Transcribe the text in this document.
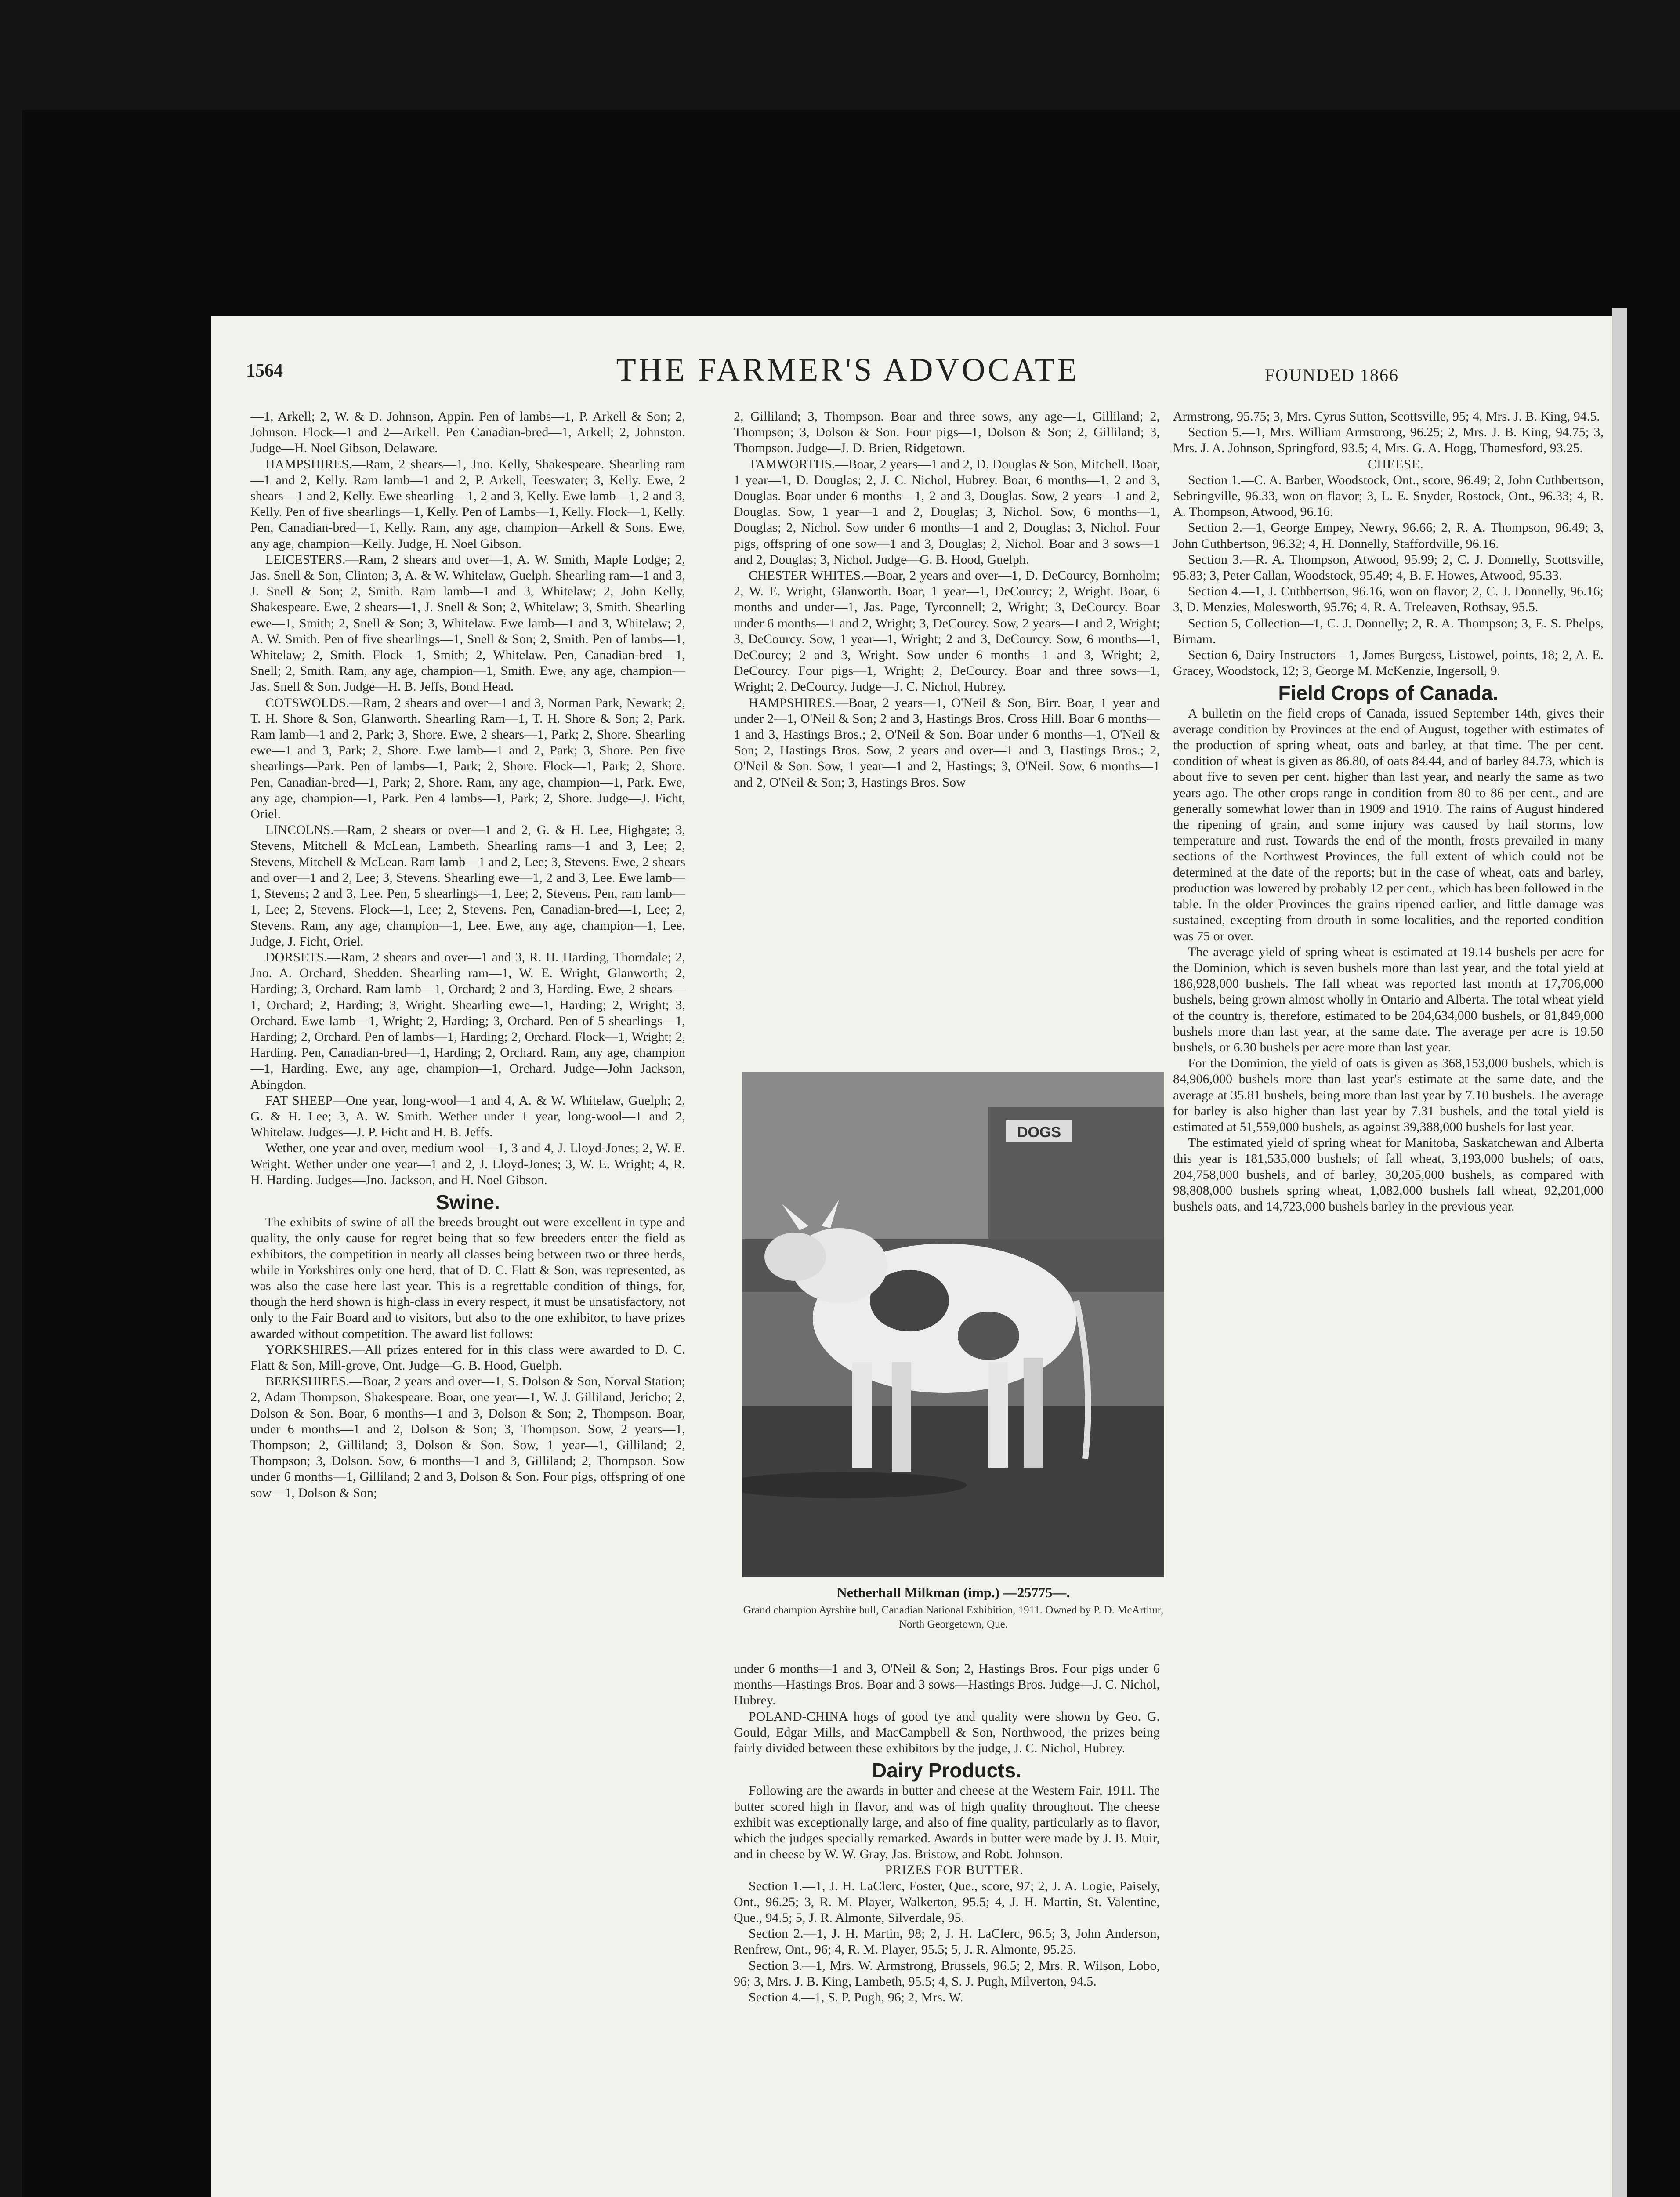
1564	THE FARMER'S ADVOCATE	FOUNDED 1866

—1, Arkell; 2, W. & D. Johnson, Appin. Pen of lambs—1, P. Arkell & Son; 2, Johnson. Flock—1 and 2—Arkell. Pen Canadian-bred—1, Arkell; 2, Johnston. Judge—H. Noel Gibson, Delaware.

HAMPSHIRES.—Ram, 2 shears—1, Jno. Kelly, Shakespeare. Shearling ram—1 and 2, Kelly. Ram lamb—1 and 2, P. Arkell, Teeswater; 3, Kelly. Ewe, 2 shears—1 and 2, Kelly. Ewe shearling—1, 2 and 3, Kelly. Ewe lamb—1, 2 and 3, Kelly. Pen of five shearlings—1, Kelly. Pen of Lambs—1, Kelly. Flock—1, Kelly. Pen, Canadian-bred—1, Kelly. Ram, any age, champion—Arkell & Sons. Ewe, any age, champion—Kelly. Judge, H. Noel Gibson.

LEICESTERS.—Ram, 2 shears and over—1, A. W. Smith, Maple Lodge; 2, Jas. Snell & Son, Clinton; 3, A. & W. Whitelaw, Guelph. Shearling ram—1 and 3, J. Snell & Son; 2, Smith. Ram lamb—1 and 3, Whitelaw; 2, John Kelly, Shakespeare. Ewe, 2 shears—1, J. Snell & Son; 2, Whitelaw; 3, Smith. Shearling ewe—1, Smith; 2, Snell & Son; 3, Whitelaw. Ewe lamb—1 and 3, Whitelaw; 2, A. W. Smith. Pen of five shearlings—1, Snell & Son; 2, Smith. Pen of lambs—1, Whitelaw; 2, Smith. Flock—1, Smith; 2, Whitelaw. Pen, Canadian-bred—1, Snell; 2, Smith. Ram, any age, champion—1, Smith. Ewe, any age, champion—Jas. Snell & Son. Judge—H. B. Jeffs, Bond Head.

COTSWOLDS.—Ram, 2 shears and over—1 and 3, Norman Park, Newark; 2, T. H. Shore & Son, Glanworth. Shearling Ram—1, T. H. Shore & Son; 2, Park. Ram lamb—1 and 2, Park; 3, Shore. Ewe, 2 shears—1, Park; 2, Shore. Shearling ewe—1 and 3, Park; 2, Shore. Ewe lamb—1 and 2, Park; 3, Shore. Pen five shearlings—Park. Pen of lambs—1, Park; 2, Shore. Flock—1, Park; 2, Shore. Pen, Canadian-bred—1, Park; 2, Shore. Ram, any age, champion—1, Park. Ewe, any age, champion—1, Park. Pen 4 lambs—1, Park; 2, Shore. Judge—J. Ficht, Oriel.

LINCOLNS.—Ram, 2 shears or over—1 and 2, G. & H. Lee, Highgate; 3, Stevens, Mitchell & McLean, Lambeth. Shearling rams—1 and 3, Lee; 2, Stevens, Mitchell & McLean. Ram lamb—1 and 2, Lee; 3, Stevens. Ewe, 2 shears and over—1 and 2, Lee; 3, Stevens. Shearling ewe—1, 2 and 3, Lee. Ewe lamb—1, Stevens; 2 and 3, Lee. Pen, 5 shearlings—1, Lee; 2, Stevens. Pen, ram lamb—1, Lee; 2, Stevens. Flock—1, Lee; 2, Stevens. Pen, Canadian-bred—1, Lee; 2, Stevens. Ram, any age, champion—1, Lee. Ewe, any age, champion—1, Lee. Judge, J. Ficht, Oriel.

DORSETS.—Ram, 2 shears and over—1 and 3, R. H. Harding, Thorndale; 2, Jno. A. Orchard, Shedden. Shearling ram—1, W. E. Wright, Glanworth; 2, Harding; 3, Orchard. Ram lamb—1, Orchard; 2 and 3, Harding. Ewe, 2 shears—1, Orchard; 2, Harding; 3, Wright. Shearling ewe—1, Harding; 2, Wright; 3, Orchard. Ewe lamb—1, Wright; 2, Harding; 3, Orchard. Pen of 5 shearlings—1, Harding; 2, Orchard. Pen of lambs—1, Harding; 2, Orchard. Flock—1, Wright; 2, Harding. Pen, Canadian-bred—1, Harding; 2, Orchard. Ram, any age, champion—1, Harding. Ewe, any age, champion—1, Orchard. Judge—John Jackson, Abingdon.

FAT SHEEP—One year, long-wool—1 and 4, A. & W. Whitelaw, Guelph; 2, G. & H. Lee; 3, A. W. Smith. Wether under 1 year, long-wool—1 and 2, Whitelaw. Judges—J. P. Ficht and H. B. Jeffs.

Wether, one year and over, medium wool—1, 3 and 4, J. Lloyd-Jones; 2, W. E. Wright. Wether under one year—1 and 2, J. Lloyd-Jones; 3, W. E. Wright; 4, R. H. Harding. Judges—Jno. Jackson, and H. Noel Gibson.

Swine.

The exhibits of swine of all the breeds brought out were excellent in type and quality, the only cause for regret being that so few breeders enter the field as exhibitors, the competition in nearly all classes being between two or three herds, while in Yorkshires only one herd, that of D. C. Flatt & Son, was represented, as was also the case here last year. This is a regrettable condition of things, for, though the herd shown is high-class in every respect, it must be unsatisfactory, not only to the Fair Board and to visitors, but also to the one exhibitor, to have prizes awarded without competition. The award list follows:

YORKSHIRES.—All prizes entered for in this class were awarded to D. C. Flatt & Son, Mill-grove, Ont. Judge—G. B. Hood, Guelph.

BERKSHIRES.—Boar, 2 years and over—1, S. Dolson & Son, Norval Station; 2, Adam Thompson, Shakespeare. Boar, one year—1, W. J. Gilliland, Jericho; 2, Dolson & Son. Boar, 6 months—1 and 3, Dolson & Son; 2, Thompson. Boar, under 6 months—1 and 2, Dolson & Son; 3, Thompson. Sow, 2 years—1, Thompson; 2, Gilliland; 3, Dolson & Son. Sow, 1 year—1, Gilliland; 2, Thompson; 3, Dolson. Sow, 6 months—1 and 3, Gilliland; 2, Thompson. Sow under 6 months—1, Gilliland; 2 and 3, Dolson & Son. Four pigs, offspring of one sow—1, Dolson & Son;

2, Gilliland; 3, Thompson. Boar and three sows, any age—1, Gilliland; 2, Thompson; 3, Dolson & Son. Four pigs—1, Dolson & Son; 2, Gilliland; 3, Thompson. Judge—J. D. Brien, Ridgetown.

TAMWORTHS.—Boar, 2 years—1 and 2, D. Douglas & Son, Mitchell. Boar, 1 year—1, D. Douglas; 2, J. C. Nichol, Hubrey. Boar, 6 months—1, 2 and 3, Douglas. Boar under 6 months—1, 2 and 3, Douglas. Sow, 2 years—1 and 2, Douglas. Sow, 1 year—1 and 2, Douglas; 3, Nichol. Sow, 6 months—1, Douglas; 2, Nichol. Sow under 6 months—1 and 2, Douglas; 3, Nichol. Four pigs, offspring of one sow—1 and 3, Douglas; 2, Nichol. Boar and 3 sows—1 and 2, Douglas; 3, Nichol. Judge—G. B. Hood, Guelph.

CHESTER WHITES.—Boar, 2 years and over—1, D. DeCourcy, Bornholm; 2, W. E. Wright, Glanworth. Boar, 1 year—1, DeCourcy; 2, Wright. Boar, 6 months and under—1, Jas. Page, Tyrconnell; 2, Wright; 3, DeCourcy. Boar under 6 months—1 and 2, Wright; 3, DeCourcy. Sow, 2 years—1 and 2, Wright; 3, DeCourcy. Sow, 1 year—1, Wright; 2 and 3, DeCourcy. Sow, 6 months—1, DeCourcy; 2 and 3, Wright. Sow under 6 months—1 and 3, Wright; 2, DeCourcy. Four pigs—1, Wright; 2, DeCourcy. Boar and three sows—1, Wright; 2, DeCourcy. Judge—J. C. Nichol, Hubrey.

HAMPSHIRES.—Boar, 2 years—1, O'Neil & Son, Birr. Boar, 1 year and under 2—1, O'Neil & Son; 2 and 3, Hastings Bros. Cross Hill. Boar 6 months—1 and 3, Hastings Bros.; 2, O'Neil & Son. Boar under 6 months—1, O'Neil & Son; 2, Hastings Bros. Sow, 2 years and over—1 and 3, Hastings Bros.; 2, O'Neil & Son. Sow, 1 year—1 and 2, Hastings; 3, O'Neil. Sow, 6 months—1 and 2, O'Neil & Son; 3, Hastings Bros. Sow

DOGS
Netherhall Milkman (imp.) —25775—.
Grand champion Ayrshire bull, Canadian National Exhibition, 1911. Owned by P. D. McArthur, North Georgetown, Que.

under 6 months—1 and 3, O'Neil & Son; 2, Hastings Bros. Four pigs under 6 months—Hastings Bros. Boar and 3 sows—Hastings Bros. Judge—J. C. Nichol, Hubrey.

POLAND-CHINA hogs of good tye and quality were shown by Geo. G. Gould, Edgar Mills, and MacCampbell & Son, Northwood, the prizes being fairly divided between these exhibitors by the judge, J. C. Nichol, Hubrey.

Dairy Products.

Following are the awards in butter and cheese at the Western Fair, 1911. The butter scored high in flavor, and was of high quality throughout. The cheese exhibit was exceptionally large, and also of fine quality, particularly as to flavor, which the judges specially remarked. Awards in butter were made by J. B. Muir, and in cheese by W. W. Gray, Jas. Bristow, and Robt. Johnson.

PRIZES FOR BUTTER.

Section 1.—1, J. H. LaClerc, Foster, Que., score, 97; 2, J. A. Logie, Paisely, Ont., 96.25; 3, R. M. Player, Walkerton, 95.5; 4, J. H. Martin, St. Valentine, Que., 94.5; 5, J. R. Almonte, Silverdale, 95.

Section 2.—1, J. H. Martin, 98; 2, J. H. LaClerc, 96.5; 3, John Anderson, Renfrew, Ont., 96; 4, R. M. Player, 95.5; 5, J. R. Almonte, 95.25.

Section 3.—1, Mrs. W. Armstrong, Brussels, 96.5; 2, Mrs. R. Wilson, Lobo, 96; 3, Mrs. J. B. King, Lambeth, 95.5; 4, S. J. Pugh, Milverton, 94.5.

Section 4.—1, S. P. Pugh, 96; 2, Mrs. W.

Armstrong, 95.75; 3, Mrs. Cyrus Sutton, Scottsville, 95; 4, Mrs. J. B. King, 94.5.

Section 5.—1, Mrs. William Armstrong, 96.25; 2, Mrs. J. B. King, 94.75; 3, Mrs. J. A. Johnson, Springford, 93.5; 4, Mrs. G. A. Hogg, Thamesford, 93.25.

CHEESE.

Section 1.—C. A. Barber, Woodstock, Ont., score, 96.49; 2, John Cuthbertson, Sebringville, 96.33, won on flavor; 3, L. E. Snyder, Rostock, Ont., 96.33; 4, R. A. Thompson, Atwood, 96.16.

Section 2.—1, George Empey, Newry, 96.66; 2, R. A. Thompson, 96.49; 3, John Cuthbertson, 96.32; 4, H. Donnelly, Staffordville, 96.16.

Section 3.—R. A. Thompson, Atwood, 95.99; 2, C. J. Donnelly, Scottsville, 95.83; 3, Peter Callan, Woodstock, 95.49; 4, B. F. Howes, Atwood, 95.33.

Section 4.—1, J. Cuthbertson, 96.16, won on flavor; 2, C. J. Donnelly, 96.16; 3, D. Menzies, Molesworth, 95.76; 4, R. A. Treleaven, Rothsay, 95.5.

Section 5, Collection—1, C. J. Donnelly; 2, R. A. Thompson; 3, E. S. Phelps, Birnam.

Section 6, Dairy Instructors—1, James Burgess, Listowel, points, 18; 2, A. E. Gracey, Woodstock, 12; 3, George M. McKenzie, Ingersoll, 9.

Field Crops of Canada.

A bulletin on the field crops of Canada, issued September 14th, gives their average condition by Provinces at the end of August, together with estimates of the production of spring wheat, oats and barley, at that time. The per cent. condition of wheat is given as 86.80, of oats 84.44, and of barley 84.73, which is about five to seven per cent. higher than last year, and nearly the same as two years ago. The other crops range in condition from 80 to 86 per cent., and are generally somewhat lower than in 1909 and 1910. The rains of August hindered the ripening of grain, and some injury was caused by hail storms, low temperature and rust. Towards the end of the month, frosts prevailed in many sections of the Northwest Provinces, the full extent of which could not be determined at the date of the reports; but in the case of wheat, oats and barley, production was lowered by probably 12 per cent., which has been followed in the table. In the older Provinces the grains ripened earlier, and little damage was sustained, excepting from drouth in some localities, and the reported condition was 75 or over.

The average yield of spring wheat is estimated at 19.14 bushels per acre for the Dominion, which is seven bushels more than last year, and the total yield at 186,928,000 bushels. The fall wheat was reported last month at 17,706,000 bushels, being grown almost wholly in Ontario and Alberta. The total wheat yield of the country is, therefore, estimated to be 204,634,000 bushels, or 81,849,000 bushels more than last year, at the same date. The average per acre is 19.50 bushels, or 6.30 bushels per acre more than last year.

For the Dominion, the yield of oats is given as 368,153,000 bushels, which is 84,906,000 bushels more than last year's estimate at the same date, and the average at 35.81 bushels, being more than last year by 7.10 bushels. The average for barley is also higher than last year by 7.31 bushels, and the total yield is estimated at 51,559,000 bushels, as against 39,388,000 bushels for last year.

The estimated yield of spring wheat for Manitoba, Saskatchewan and Alberta this year is 181,535,000 bushels; of fall wheat, 3,193,000 bushels; of oats, 204,758,000 bushels, and of barley, 30,205,000 bushels, as compared with 98,808,000 bushels spring wheat, 1,082,000 bushels fall wheat, 92,201,000 bushels oats, and 14,723,000 bushels barley in the previous year.
